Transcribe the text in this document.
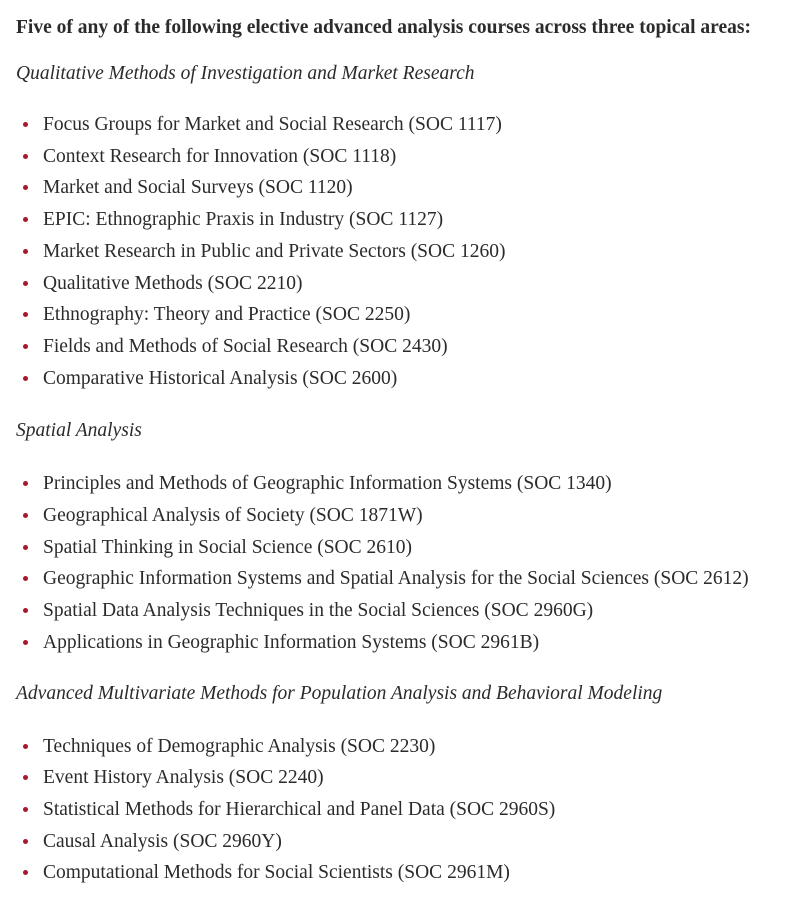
Five of any of the following elective advanced analysis courses across three topical areas:

Qualitative Methods of Investigation and Market Research

Focus Groups for Market and Social Research (SOC 1117)
Context Research for Innovation (SOC 1118)
Market and Social Surveys (SOC 1120)
EPIC: Ethnographic Praxis in Industry (SOC 1127)
Market Research in Public and Private Sectors (SOC 1260)
Qualitative Methods (SOC 2210)
Ethnography: Theory and Practice (SOC 2250)
Fields and Methods of Social Research (SOC 2430)
Comparative Historical Analysis (SOC 2600)

Spatial Analysis

Principles and Methods of Geographic Information Systems (SOC 1340)
Geographical Analysis of Society (SOC 1871W)
Spatial Thinking in Social Science (SOC 2610)
Geographic Information Systems and Spatial Analysis for the Social Sciences (SOC 2612)
Spatial Data Analysis Techniques in the Social Sciences (SOC 2960G)
Applications in Geographic Information Systems (SOC 2961B)

Advanced Multivariate Methods for Population Analysis and Behavioral Modeling

Techniques of Demographic Analysis (SOC 2230)
Event History Analysis (SOC 2240)
Statistical Methods for Hierarchical and Panel Data (SOC 2960S)
Causal Analysis (SOC 2960Y)
Computational Methods for Social Scientists (SOC 2961M)
